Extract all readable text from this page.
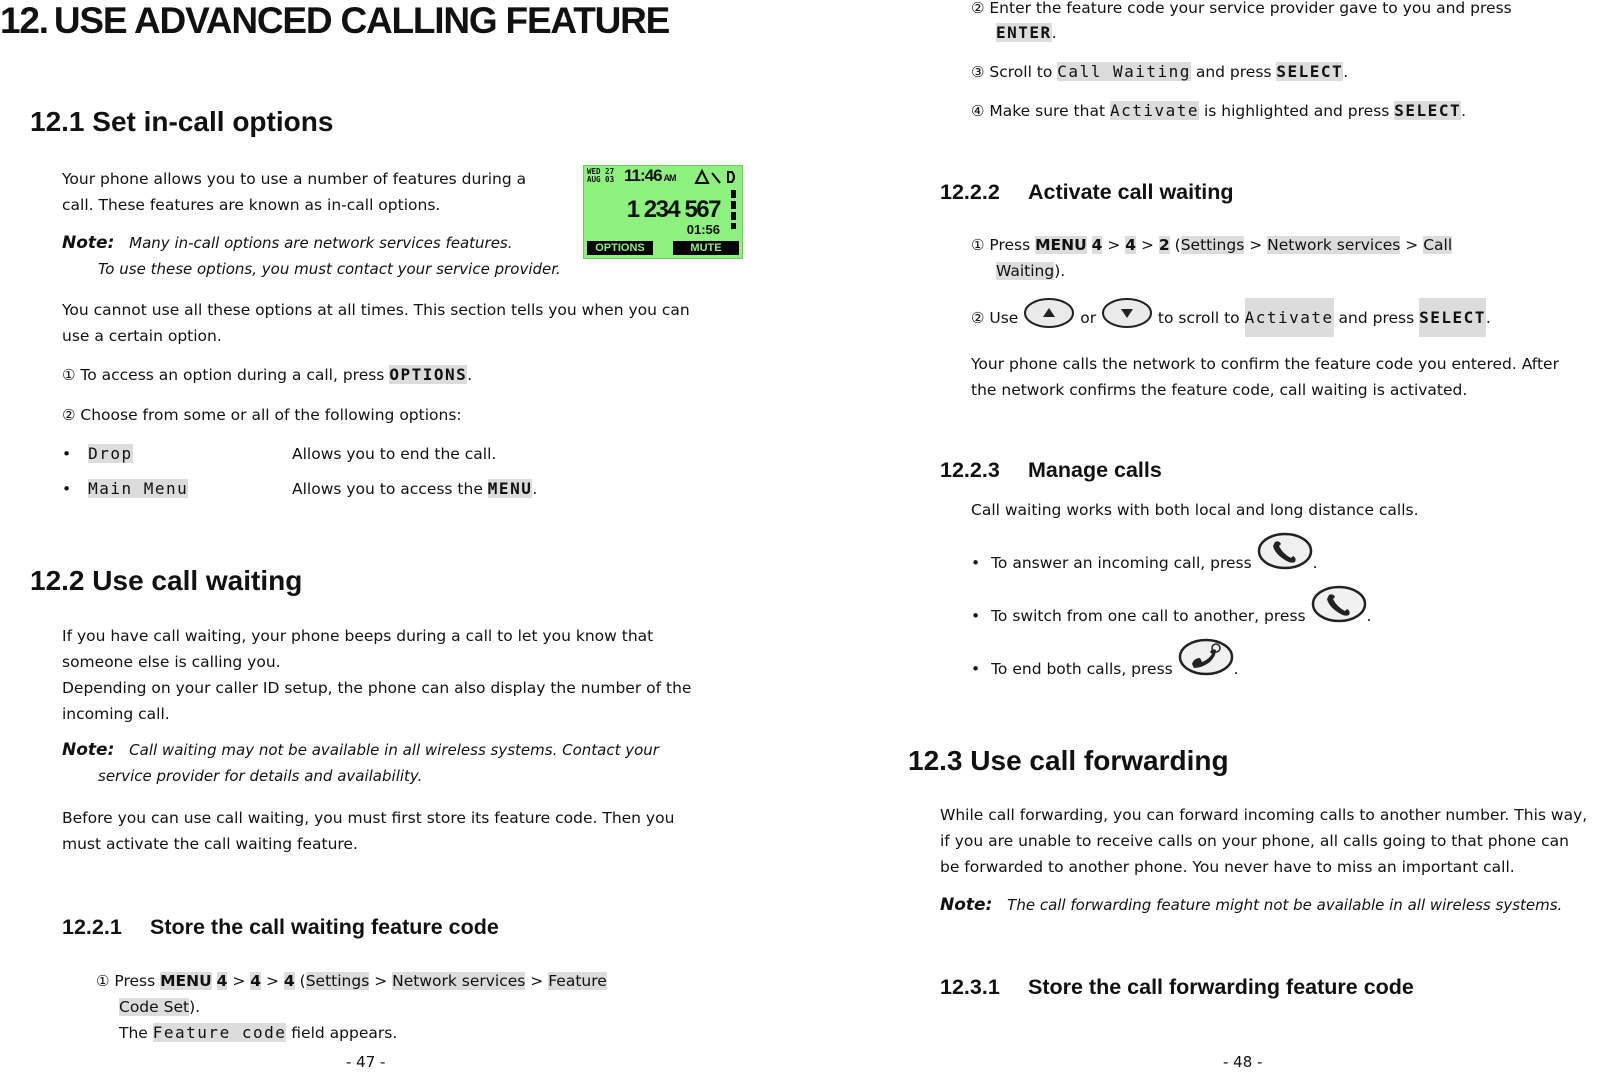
12. USE ADVANCED CALLING FEATURE
12.1 Set in-call options
Your phone allows you to use a number of features during a
call. These features are known as in-call options.
Note: Many in-call options are network services features.
To use these options, you must contact your service provider.
WED 27
AUG 03 11:46 AM
1 234 567
01:56
OPTIONS	MUTE
You cannot use all these options at all times. This section tells you when you can
use a certain option.
① To access an option during a call, press OPTIONS.
② Choose from some or all of the following options:
• Drop	Allows you to end the call.
• Main Menu	Allows you to access the MENU.
12.2 Use call waiting
If you have call waiting, your phone beeps during a call to let you know that
someone else is calling you.
Depending on your caller ID setup, the phone can also display the number of the
incoming call.
Note: Call waiting may not be available in all wireless systems. Contact your
service provider for details and availability.
Before you can use call waiting, you must first store its feature code. Then you
must activate the call waiting feature.
12.2.1 Store the call waiting feature code
① Press MENU 4 > 4 > 4 (Settings > Network services > Feature
Code Set).
The Feature code field appears.
- 47 -
② Enter the feature code your service provider gave to you and press
ENTER.
③ Scroll to Call Waiting and press SELECT.
④ Make sure that Activate is highlighted and press SELECT.
12.2.2 Activate call waiting
① Press MENU 4 > 4 > 2 (Settings > Network services > Call
Waiting).
② Use	or	to scroll to Activate and press SELECT.
Your phone calls the network to confirm the feature code you entered. After
the network confirms the feature code, call waiting is activated.
12.2.3 Manage calls
Call waiting works with both local and long distance calls.
• To answer an incoming call, press	.
• To switch from one call to another, press	.
• To end both calls, press	.
12.3 Use call forwarding
While call forwarding, you can forward incoming calls to another number. This way,
if you are unable to receive calls on your phone, all calls going to that phone can
be forwarded to another phone. You never have to miss an important call.
Note: The call forwarding feature might not be available in all wireless systems.
12.3.1 Store the call forwarding feature code
- 48 -
